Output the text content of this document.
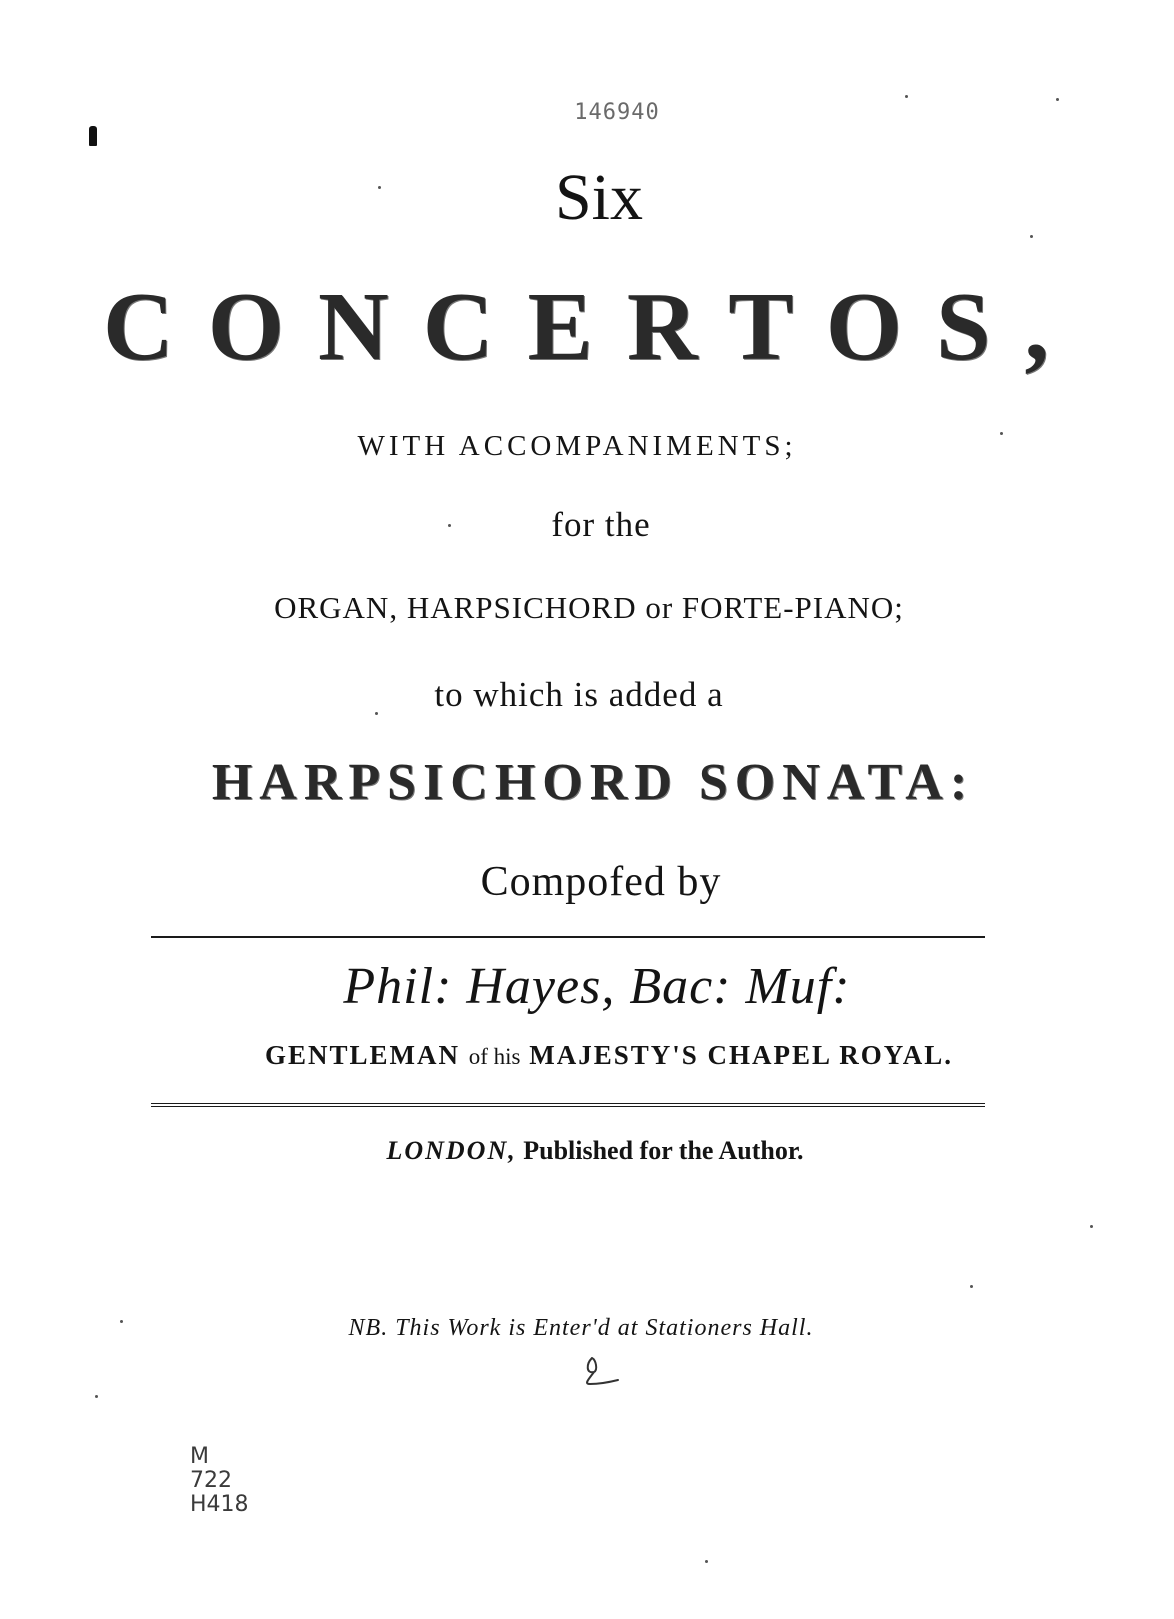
146940
Six
CONCERTOS,
WITH ACCOMPANIMENTS;
for the
ORGAN, HARPSICHORD or FORTE-PIANO;
to which is added a
HARPSICHORD SONATA:
Compofed by
Phil: Hayes, Bac: Muf:
GENTLEMAN of his MAJESTY'S CHAPEL ROYAL.
LONDON, Published for the Author.
NB. This Work is Enter'd at Stationers Hall.
M
722
H418
